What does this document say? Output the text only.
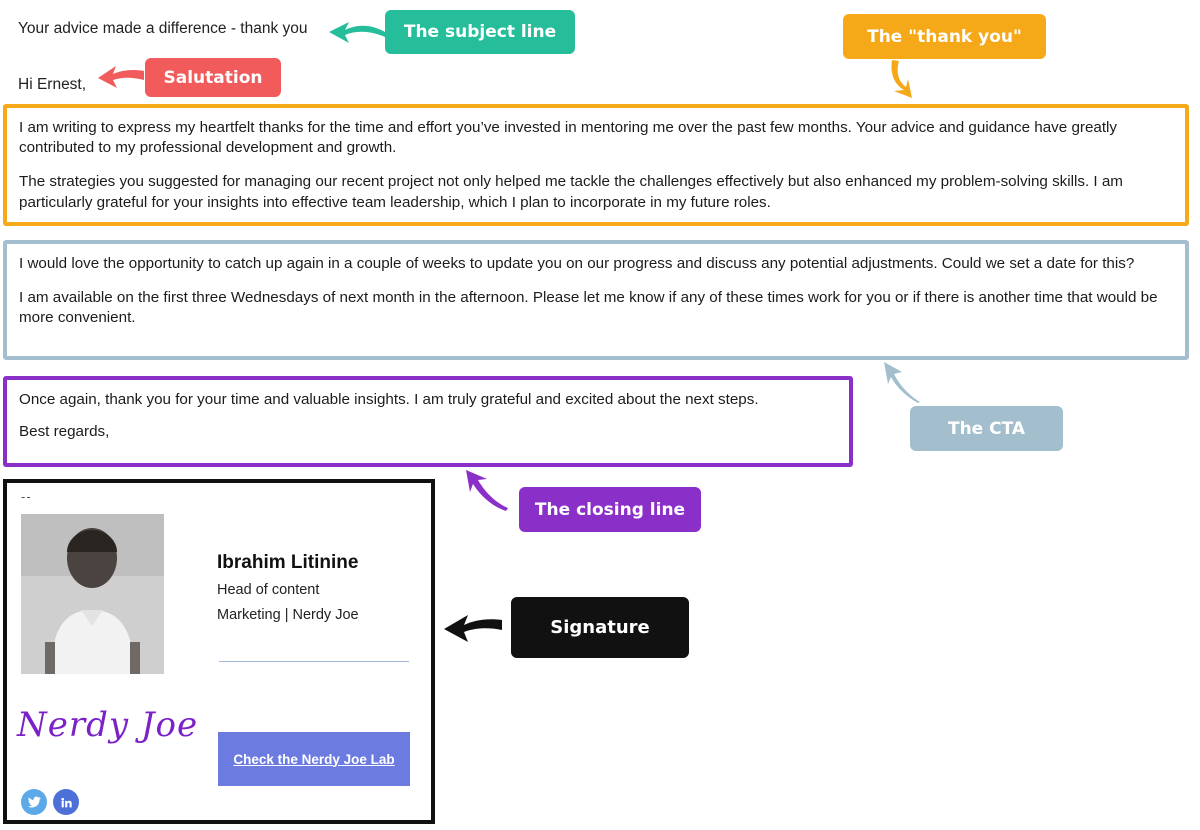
Your advice made a difference - thank you
Hi Ernest,

I am writing to express my heartfelt thanks for the time and effort you’ve invested in mentoring me over the past few months. Your advice and guidance have greatly contributed to my professional development and growth.

The strategies you suggested for managing our recent project not only helped me tackle the challenges effectively but also enhanced my problem-solving skills. I am particularly grateful for your insights into effective team leadership, which I plan to incorporate in my future roles.

I would love the opportunity to catch up again in a couple of weeks to update you on our progress and discuss any potential adjustments. Could we set a date for this?

I am available on the first three Wednesdays of next month in the afternoon. Please let me know if any of these times work for you or if there is another time that would be more convenient.

Once again, thank you for your time and valuable insights. I am truly grateful and excited about the next steps.

Best regards,

--
Ibrahim Litinine
Head of content
Marketing | Nerdy Joe
Nerdy Joe
Check the Nerdy Joe Lab
The subject line	The "thank you"
Salutation
The CTA
The closing line
Signature
